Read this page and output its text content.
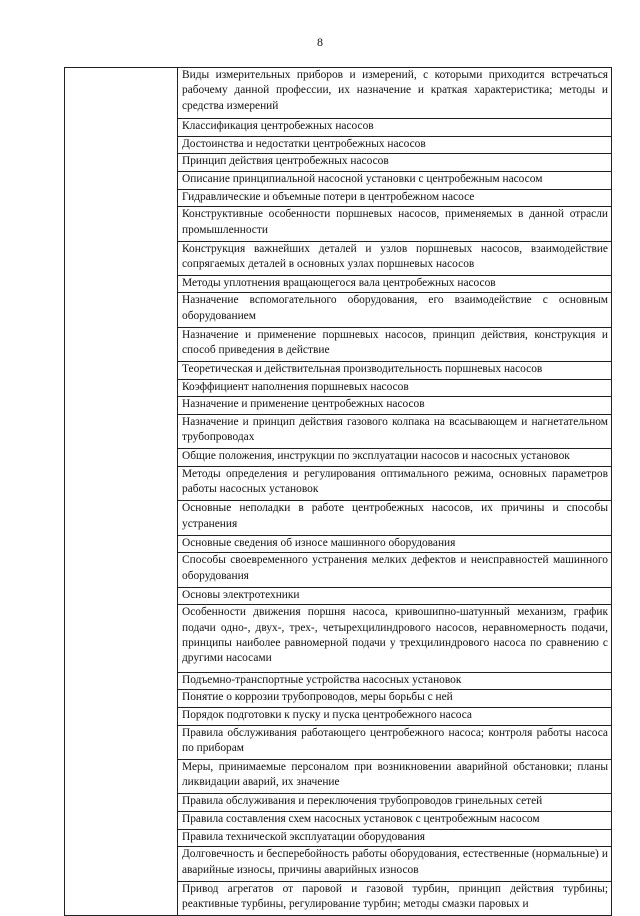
8
	Виды измерительных приборов и измерений, с которыми приходится встречаться рабочему данной профессии, их назначение и краткая характеристика; методы и средства измерений
Классификация центробежных насосов
Достоинства и недостатки центробежных насосов
Принцип действия центробежных насосов
Описание принципиальной насосной установки с центробежным насосом
Гидравлические и объемные потери в центробежном насосе
Конструктивные особенности поршневых насосов, применяемых в данной отрасли промышленности
Конструкция важнейших деталей и узлов поршневых насосов, взаимодействие сопрягаемых деталей в основных узлах поршневых насосов
Методы уплотнения вращающегося вала центробежных насосов
Назначение вспомогательного оборудования, его взаимодействие с основным оборудованием
Назначение и применение поршневых насосов, принцип действия, конструкция и способ приведения в действие
Теоретическая и действительная производительность поршневых насосов
Коэффициент наполнения поршневых насосов
Назначение и применение центробежных насосов
Назначение и принцип действия газового колпака на всасывающем и нагнетательном трубопроводах
Общие положения, инструкции по эксплуатации насосов и насосных установок
Методы определения и регулирования оптимального режима, основных параметров работы насосных установок
Основные неполадки в работе центробежных насосов, их причины и способы устранения
Основные сведения об износе машинного оборудования
Способы своевременного устранения мелких дефектов и неисправностей машинного оборудования
Основы электротехники
Особенности движения поршня насоса, кривошипно-шатунный механизм, график подачи одно-, двух-, трех-, четырехцилиндрового насосов, неравномерность подачи, принципы наиболее равномерной подачи у трехцилиндрового насоса по сравнению с другими насосами
Подъемно-транспортные устройства насосных установок
Понятие о коррозии трубопроводов, меры борьбы с ней
Порядок подготовки к пуску и пуска центробежного насоса
Правила обслуживания работающего центробежного насоса; контроля работы насоса по приборам
Меры, принимаемые персоналом при возникновении аварийной обстановки; планы ликвидации аварий, их значение
Правила обслуживания и переключения трубопроводов гринельных сетей
Правила составления схем насосных установок с центробежным насосом
Правила технической эксплуатации оборудования
Долговечность и бесперебойность работы оборудования, естественные (нормальные) и аварийные износы, причины аварийных износов
Привод агрегатов от паровой и газовой турбин, принцип действия турбины; реактивные турбины, регулирование турбин; методы смазки паровых и
